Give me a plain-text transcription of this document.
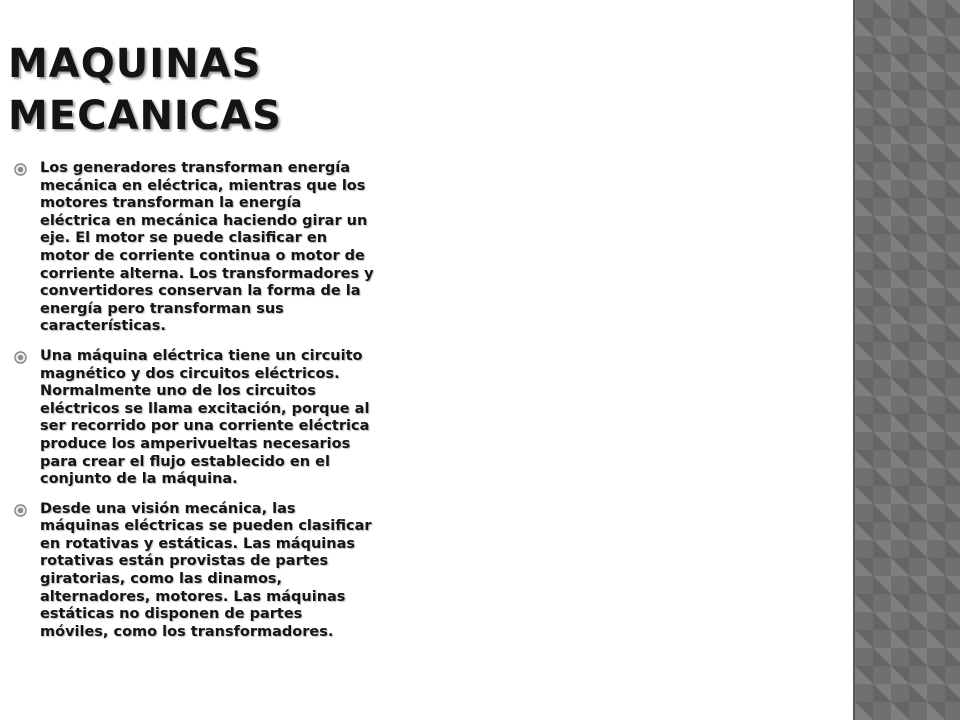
MAQUINAS
MECANICAS
Los generadores transforman energía mecánica en eléctrica, mientras que los motores transforman la energía eléctrica en mecánica haciendo girar un eje. El motor se puede clasificar en motor de corriente continua o motor de corriente alterna. Los transformadores y convertidores conservan la forma de la energía pero transforman sus características.
Una máquina eléctrica tiene un circuito magnético y dos circuitos eléctricos. Normalmente uno de los circuitos eléctricos se llama excitación, porque al ser recorrido por una corriente eléctrica produce los amperivueltas necesarios para crear el flujo establecido en el conjunto de la máquina.
Desde una visión mecánica, las máquinas eléctricas se pueden clasificar en rotativas y estáticas. Las máquinas rotativas están provistas de partes giratorias, como las dinamos, alternadores, motores. Las máquinas estáticas no disponen de partes móviles, como los transformadores.
